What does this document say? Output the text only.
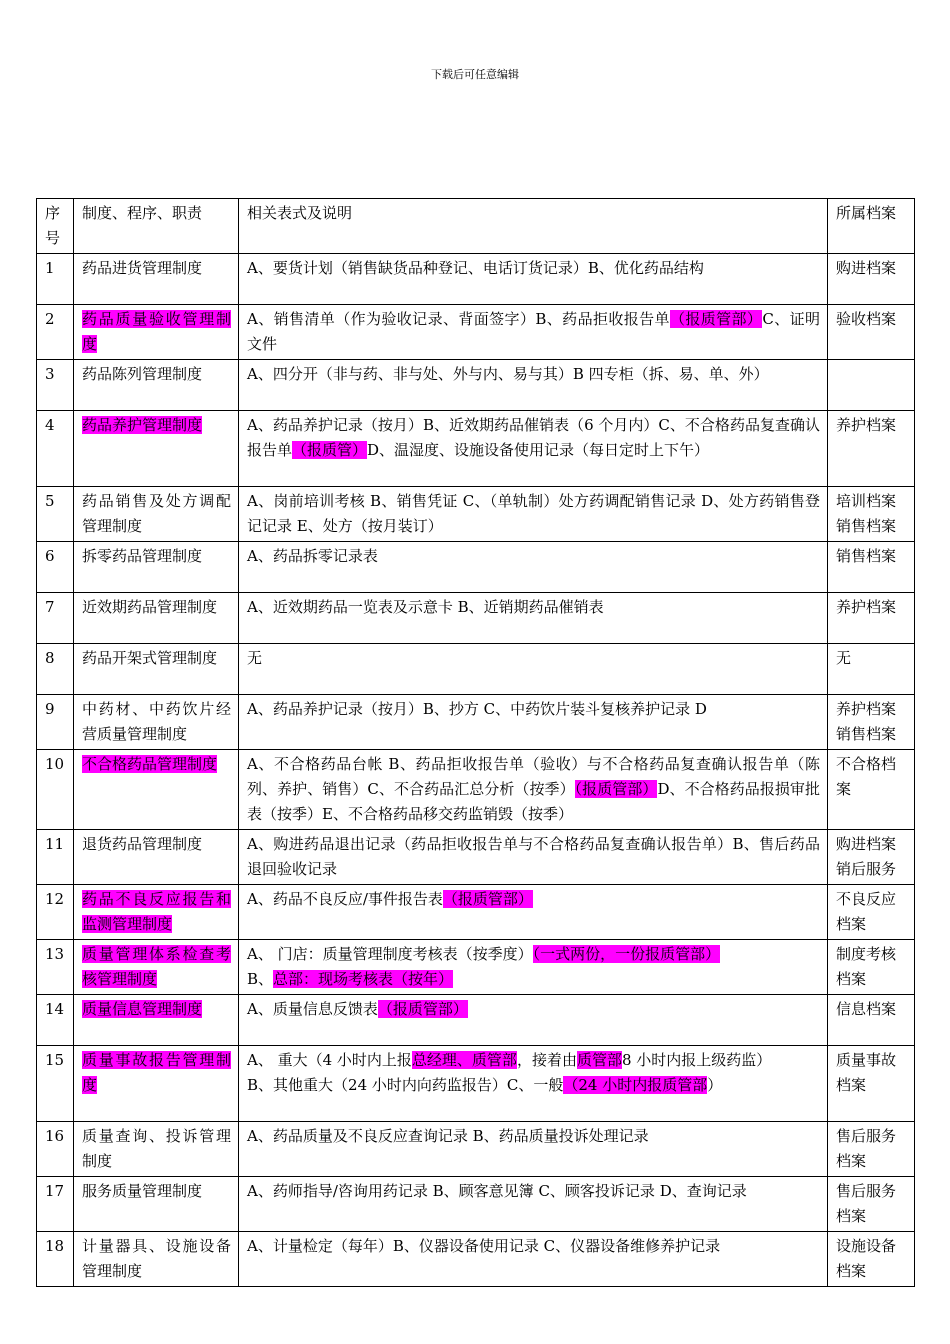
下载后可任意编辑
序号	制度、程序、职责	相关表式及说明	所属档案
1	药品进货管理制度	A、要货计划（销售缺货品种登记、电话订货记录）B、优化药品结构	购进档案
2	药品质量验收管理制度	A、销售清单（作为验收记录、背面签字）B、药品拒收报告单（报质管部）C、证明文件	验收档案
3	药品陈列管理制度	A、四分开（非与药、非与处、外与内、易与其）B 四专柜（拆、易、单、外）	
4	药品养护管理制度	A、药品养护记录（按月）B、近效期药品催销表（6 个月内）C、不合格药品复查确认报告单（报质管）D、温湿度、设施设备使用记录（每日定时上下午）	养护档案
5	药品销售及处方调配管理制度	A、岗前培训考核 B、销售凭证 C、（单轨制）处方药调配销售记录 D、处方药销售登记记录 E、处方（按月装订）	培训档案销售档案
6	拆零药品管理制度	A、药品拆零记录表	销售档案
7	近效期药品管理制度	A、近效期药品一览表及示意卡 B、近销期药品催销表	养护档案
8	药品开架式管理制度	无	无
9	中药材、中药饮片经营质量管理制度	A、药品养护记录（按月）B、抄方 C、中药饮片装斗复核养护记录 D	养护档案销售档案
10	不合格药品管理制度	A、不合格药品台帐 B、药品拒收报告单（验收）与不合格药品复查确认报告单（陈列、养护、销售）C、不合药品汇总分析（按季）（报质管部）D、不合格药品报损审批表（按季）E、不合格药品移交药监销毁（按季）	不合格档案
11	退货药品管理制度	A、购进药品退出记录（药品拒收报告单与不合格药品复查确认报告单）B、售后药品退回验收记录	购进档案销后服务
12	药品不良反应报告和监测管理制度	A、药品不良反应/事件报告表（报质管部）	不良反应档案
13	质量管理体系检查考核管理制度	A、 门店：质量管理制度考核表（按季度）（一式两份，一份报质管部）
B、总部：现场考核表（按年）	制度考核档案
14	质量信息管理制度	A、质量信息反馈表（报质管部）	信息档案
15	质量事故报告管理制度	A、 重大（4 小时内上报总经理、质管部，接着由质管部8 小时内报上级药监）
B、其他重大（24 小时内向药监报告）C、一般（24 小时内报质管部）	质量事故档案
16	质量查询、投诉管理制度	A、药品质量及不良反应查询记录 B、药品质量投诉处理记录	售后服务档案
17	服务质量管理制度	A、药师指导/咨询用药记录 B、顾客意见簿 C、顾客投诉记录 D、查询记录	售后服务档案
18	计量器具、设施设备管理制度	A、计量检定（每年）B、仪器设备使用记录 C、仪器设备维修养护记录	设施设备档案
